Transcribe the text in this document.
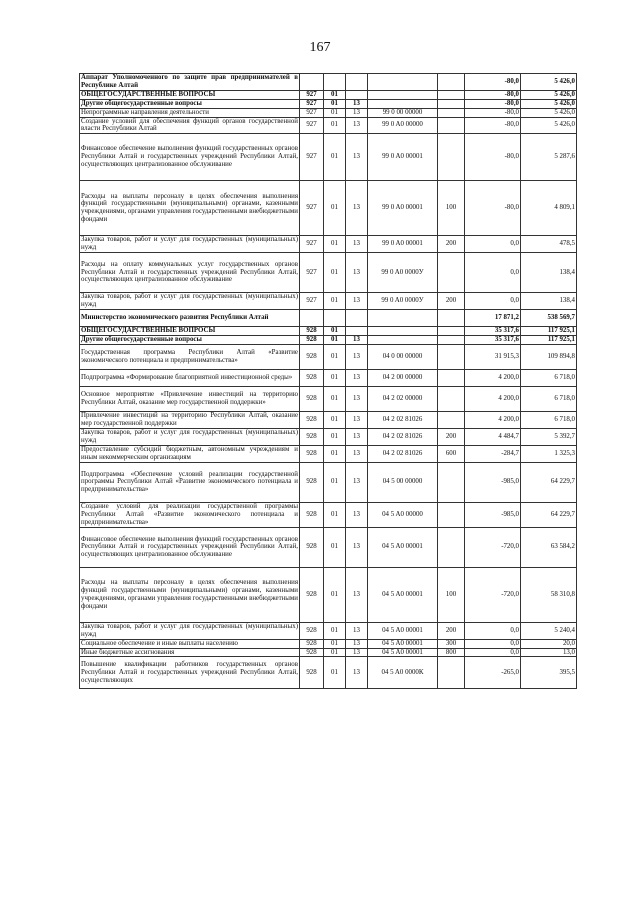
167
Аппарат Уполномоченного по защите прав предпринимателей в Республике Алтай						-80,0	5 426,0
ОБЩЕГОСУДАРСТВЕННЫЕ ВОПРОСЫ	927	01				-80,0	5 426,0
Другие общегосударственные вопросы	927	01	13			-80,0	5 426,0
Непрограммные направления деятельности	927	01	13	99 0 00 00000		-80,0	5 426,0
Создание условий для обеспечения функций органов государственной власти Республики Алтай	927	01	13	99 0 A0 00000		-80,0	5 426,0
Финансовое обеспечение выполнения функций государственных органов Республики Алтай и государственных учреждений Республики Алтай, осуществляющих централизованное обслуживание	927	01	13	99 0 A0 00001		-80,0	5 287,6
Расходы на выплаты персоналу в целях обеспечения выполнения функций государственными (муниципальными) органами, казенными учреждениями, органами управления государственными внебюджетными фондами	927	01	13	99 0 A0 00001	100	-80,0	4 809,1
Закупка товаров, работ и услуг для государственных (муниципальных) нужд	927	01	13	99 0 A0 00001	200	0,0	478,5
Расходы на оплату коммунальных услуг государственных органов Республики Алтай и государственных учреждений Республики Алтай, осуществляющих централизованное обслуживание	927	01	13	99 0 A0 0000У		0,0	138,4
Закупка товаров, работ и услуг для государственных (муниципальных) нужд	927	01	13	99 0 A0 0000У	200	0,0	138,4
Министерство экономического развития Республики Алтай						17 871,2	538 569,7
ОБЩЕГОСУДАРСТВЕННЫЕ ВОПРОСЫ	928	01				35 317,6	117 925,1
Другие общегосударственные вопросы	928	01	13			35 317,6	117 925,1
Государственная программа Республики Алтай «Развитие экономического потенциала и предпринимательства»	928	01	13	04 0 00 00000		31 915,3	109 894,8
Подпрограмма «Формирование благоприятной инвестиционной среды»	928	01	13	04 2 00 00000		4 200,0	6 718,0
Основное мероприятие «Привлечение инвестиций на территорию Республики Алтай, оказание мер государственной поддержки»	928	01	13	04 2 02 00000		4 200,0	6 718,0
Привлечение инвестиций на территорию Республики Алтай, оказание мер государственной поддержки	928	01	13	04 2 02 81026		4 200,0	6 718,0
Закупка товаров, работ и услуг для государственных (муниципальных) нужд	928	01	13	04 2 02 81026	200	4 484,7	5 392,7
Предоставление субсидий бюджетным, автономным учреждениям и иным некоммерческим организациям	928	01	13	04 2 02 81026	600	-284,7	1 325,3
Подпрограмма «Обеспечение условий реализации государственной программы Республики Алтай «Развитие экономического потенциала и предпринимательства»	928	01	13	04 5 00 00000		-985,0	64 229,7
Создание условий для реализации государственной программы Республики Алтай «Развитие экономического потенциала и предпринимательства»	928	01	13	04 5 A0 00000		-985,0	64 229,7
Финансовое обеспечение выполнения функций государственных органов Республики Алтай и государственных учреждений Республики Алтай, осуществляющих централизованное обслуживание	928	01	13	04 5 A0 00001		-720,0	63 584,2
Расходы на выплаты персоналу в целях обеспечения выполнения функций государственными (муниципальными) органами, казенными учреждениями, органами управления государственными внебюджетными фондами	928	01	13	04 5 A0 00001	100	-720,0	58 310,8
Закупка товаров, работ и услуг для государственных (муниципальных) нужд	928	01	13	04 5 A0 00001	200	0,0	5 240,4
Социальное обеспечение и иные выплаты населению	928	01	13	04 5 A0 00001	300	0,0	20,0
Иные бюджетные ассигнования	928	01	13	04 5 A0 00001	800	0,0	13,0
Повышение квалификации работников государственных органов Республики Алтай и государственных учреждений Республики Алтай, осуществляющих	928	01	13	04 5 A0 0000К		-265,0	395,5
